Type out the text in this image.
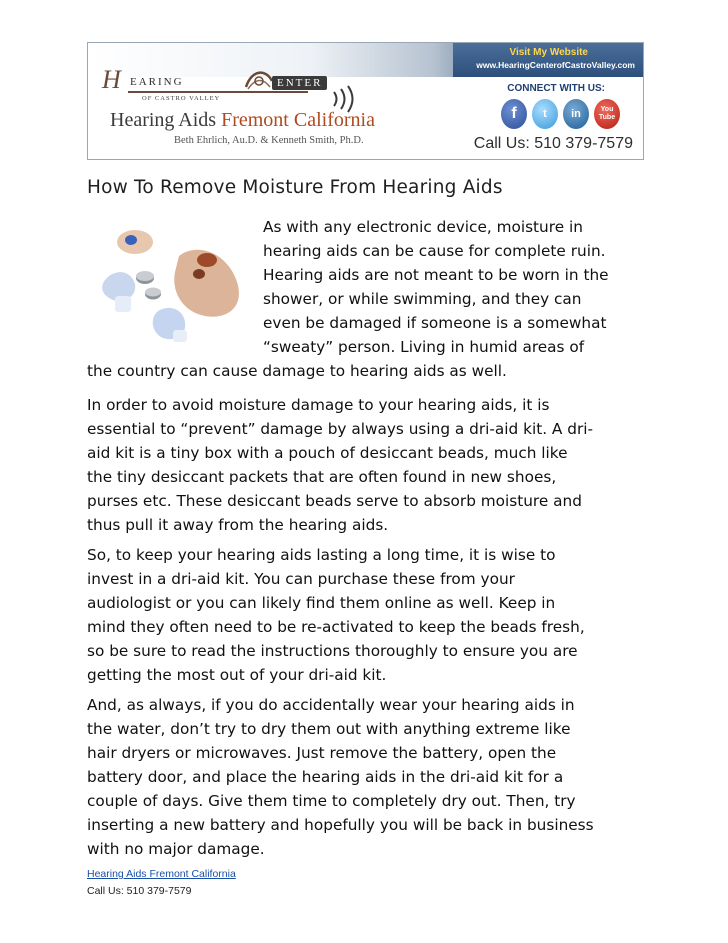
Visit My Website
www.HearingCenterofCastroValley.com
H EARING	ENTER
OF CASTRO VALLEY
Hearing Aids Fremont California
Beth Ehrlich, Au.D. & Kenneth Smith, Ph.D.
CONNECT WITH US:
f	t	in	You
Tube
Call Us: 510 379-7579
How To Remove Moisture From Hearing Aids
As with any electronic device, moisture in
hearing aids can be cause for complete ruin.
Hearing aids are not meant to be worn in the
shower, or while swimming, and they can
even be damaged if someone is a somewhat
“sweaty” person. Living in humid areas of
the country can cause damage to hearing aids as well.
In order to avoid moisture damage to your hearing aids, it is
essential to “prevent” damage by always using a dri-aid kit. A dri-
aid kit is a tiny box with a pouch of desiccant beads, much like
the tiny desiccant packets that are often found in new shoes,
purses etc. These desiccant beads serve to absorb moisture and
thus pull it away from the hearing aids.
So, to keep your hearing aids lasting a long time, it is wise to
invest in a dri-aid kit. You can purchase these from your
audiologist or you can likely find them online as well. Keep in
mind they often need to be re-activated to keep the beads fresh,
so be sure to read the instructions thoroughly to ensure you are
getting the most out of your dri-aid kit.
And, as always, if you do accidentally wear your hearing aids in
the water, don’t try to dry them out with anything extreme like
hair dryers or microwaves. Just remove the battery, open the
battery door, and place the hearing aids in the dri-aid kit for a
couple of days. Give them time to completely dry out. Then, try
inserting a new battery and hopefully you will be back in business
with no major damage.
Hearing Aids Fremont California
Call Us: 510 379-7579
